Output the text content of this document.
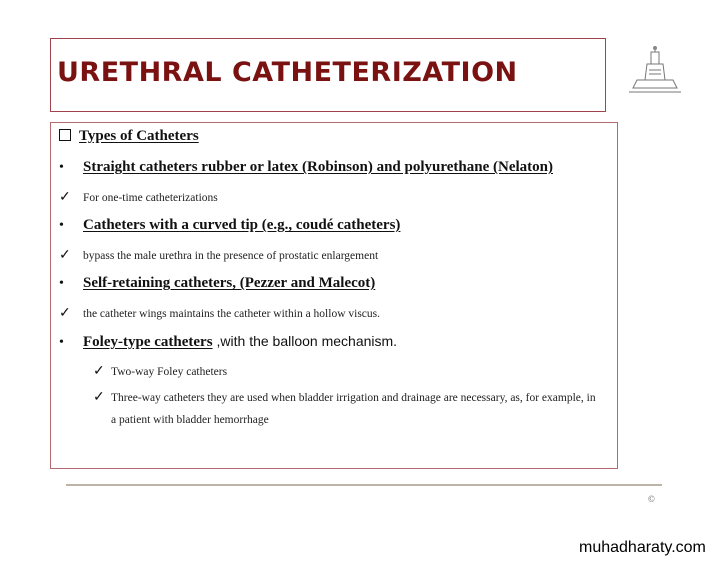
URETHRAL CATHETERIZATION
Types of Catheters
•	Straight catheters rubber or latex (Robinson) and polyurethane (Nelaton)
✓	For one-time catheterizations
•	Catheters with a curved tip (e.g., coudé catheters)
✓	bypass the male urethra in the presence of prostatic enlargement
•	Self-retaining catheters, (Pezzer and Malecot)
✓	the catheter wings maintains the catheter within a hollow viscus.
•	Foley-type catheters ,with the balloon mechanism.
✓ Two-way Foley catheters
✓ Three-way catheters they are used when bladder irrigation and drainage are necessary, as, for example, in a patient with bladder hemorrhage
©
muhadharaty.com
